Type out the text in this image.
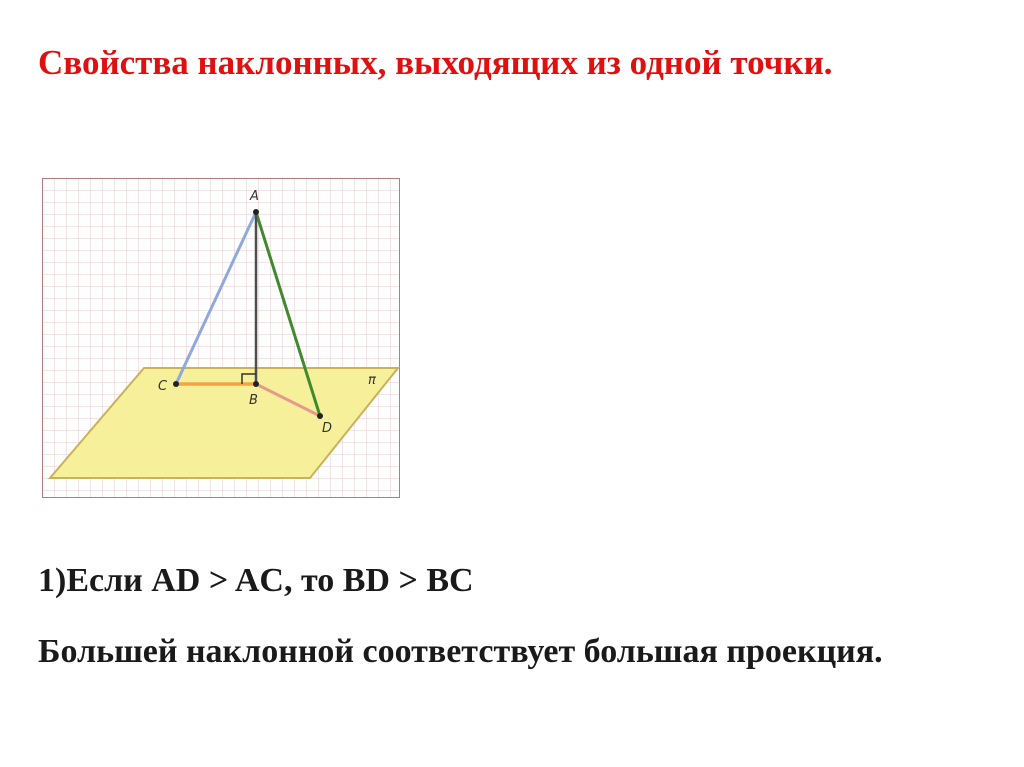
Свойства наклонных, выходящих из одной точки.
A
B
C
D
π

1)Если AD > AC, то BD > BC

Большей наклонной соответствует большая проекция.
